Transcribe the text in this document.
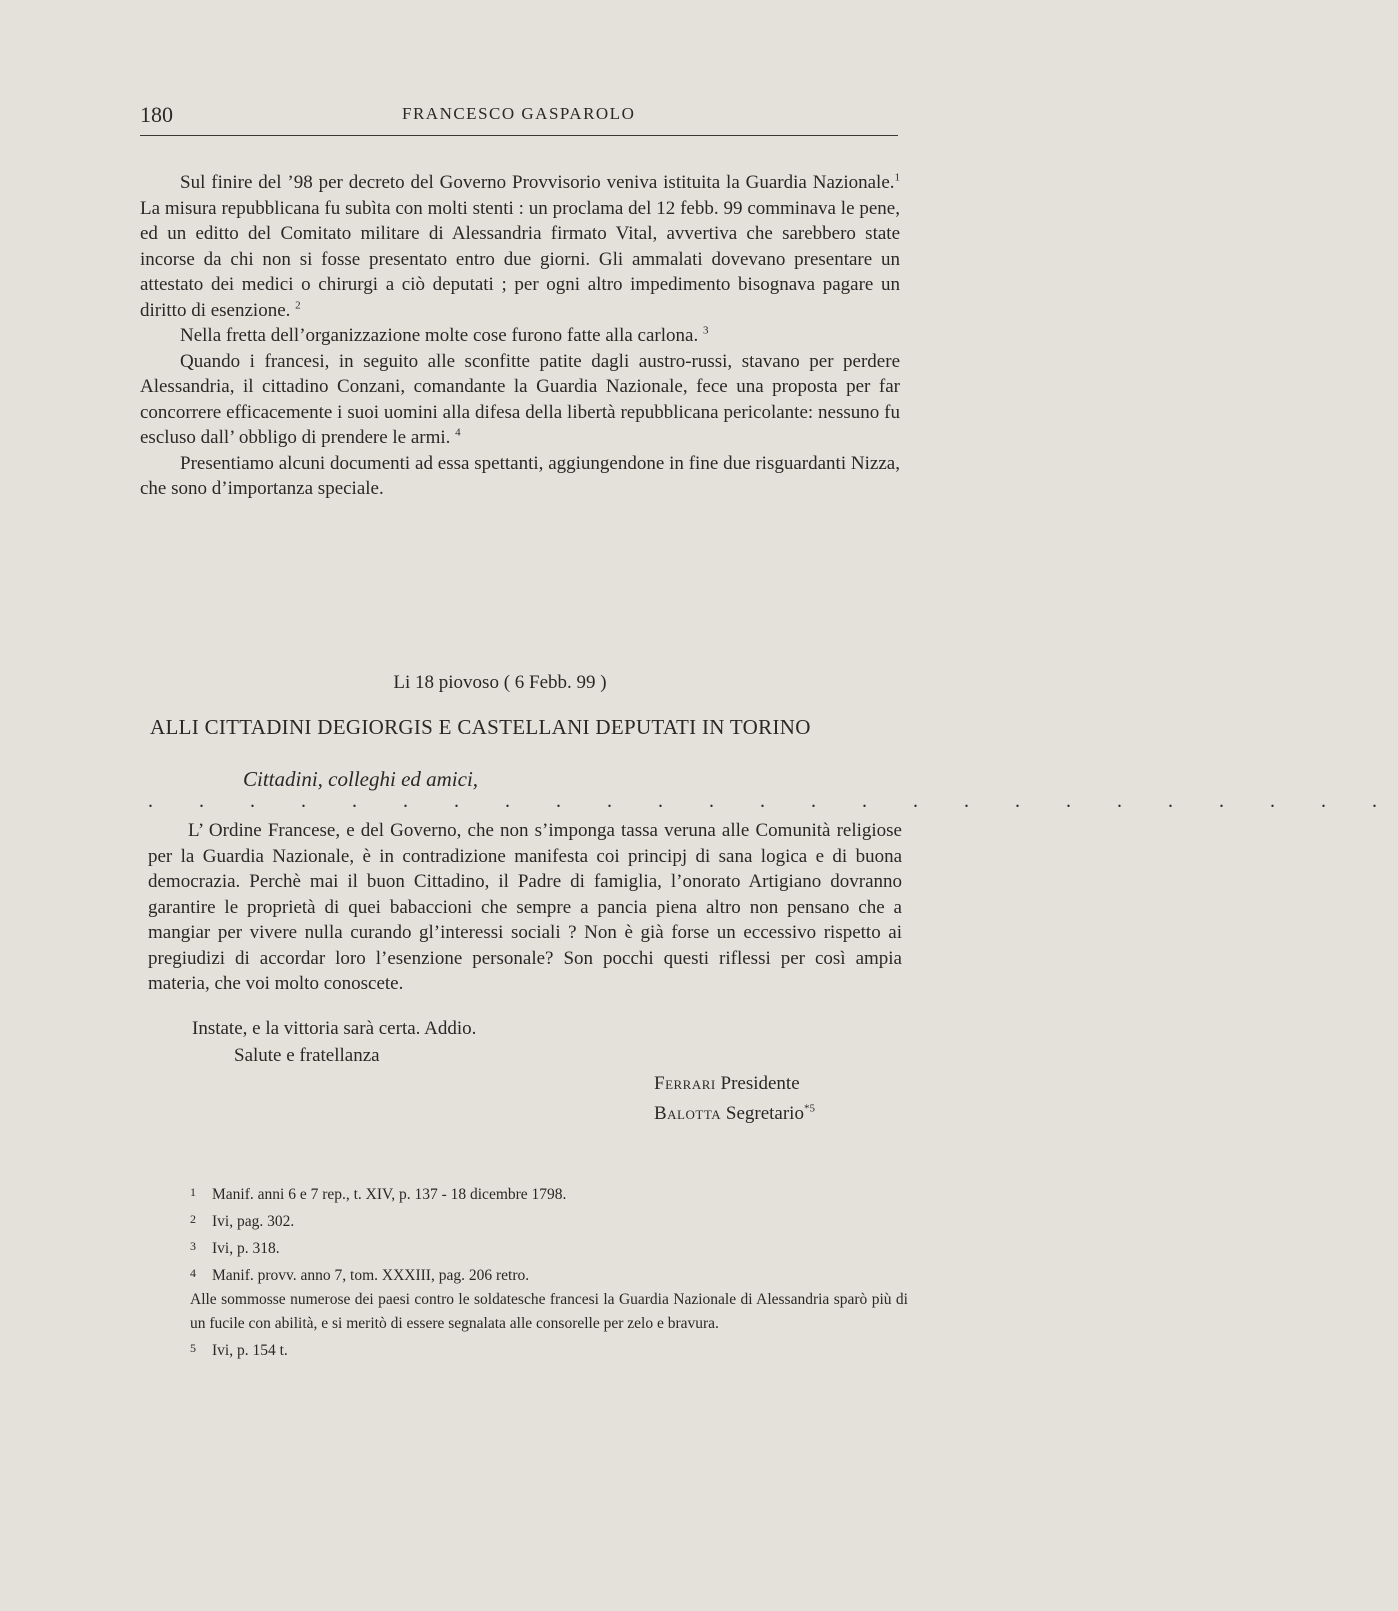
180	FRANCESCO GASPAROLO

Sul finire del ’98 per decreto del Governo Provvisorio veniva istituita la Guardia Nazionale.$^1$ La misura repubblicana fu subìta con molti stenti : un proclama del 12 febb. 99 comminava le pene, ed un editto del Comitato militare di Alessandria firmato Vital, avvertiva che sarebbero state incorse da chi non si fosse presentato entro due giorni. Gli ammalati dovevano presentare un attestato dei medici o chirurgi a ciò deputati ; per ogni altro impedimento bisognava pagare un diritto di esenzione. $^2$

Nella fretta dell’organizzazione molte cose furono fatte alla carlona. $^3$

Quando i francesi, in seguito alle sconfitte patite dagli austro-russi, stavano per perdere Alessandria, il cittadino Conzani, comandante la Guardia Nazionale, fece una proposta per far concorrere efficacemente i suoi uomini alla difesa della libertà repubblicana pericolante: nessuno fu escluso dall’ obbligo di prendere le armi. $^4$

Presentiamo alcuni documenti ad essa spettanti, aggiungendone in fine due risguardanti Nizza, che sono d’importanza speciale.

Li 18 piovoso ( 6 Febb. 99 )
ALLI CITTADINI DEGIORGIS E CASTELLANI DEPUTATI IN TORINO
Cittadini, colleghi ed amici,
. . . . . . . . . . . . . . . . . . . . . . . . .

L’ Ordine Francese, e del Governo, che non s’imponga tassa veruna alle Comunità religiose per la Guardia Nazionale, è in contradizione manifesta coi principj di sana logica e di buona democrazia. Perchè mai il buon Cittadino, il Padre di famiglia, l’onorato Artigiano dovranno garantire le proprietà di quei babaccioni che sempre a pancia piena altro non pensano che a mangiar per vivere nulla curando gl’interessi sociali ? Non è già forse un eccessivo rispetto ai pregiudizi di accordar loro l’esenzione personale? Son pocchi questi riflessi per così ampia materia, che voi molto conoscete.

Instate, e la vittoria sarà certa. Addio.
Salute e fratellanza
Ferrari Presidente
Balotta Segretario$^{*5}$
1 Manif. anni 6 e 7 rep., t. XIV, p. 137 - 18 dicembre 1798.
2 Ivi, pag. 302.
3 Ivi, p. 318.
4 Manif. provv. anno 7, tom. XXXIII, pag. 206 retro.
Alle sommosse numerose dei paesi contro le soldatesche francesi la Guardia Nazionale di Alessandria sparò più di un fucile con abilità, e si meritò di essere segnalata alle consorelle per zelo e bravura.
5 Ivi, p. 154 t.
